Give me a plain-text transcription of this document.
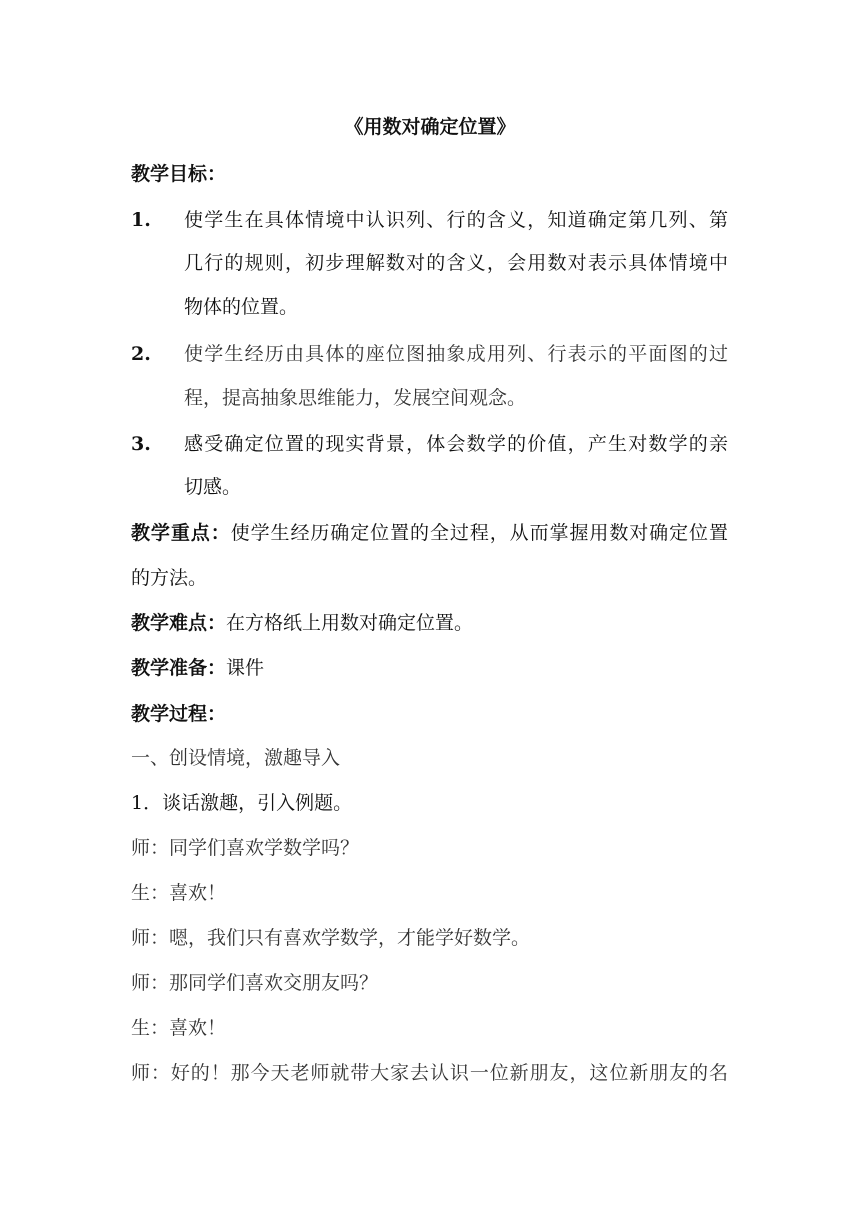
《用数对确定位置》
教学目标：
1. 使学生在具体情境中认识列、行的含义，知道确定第几列、第
几行的规则，初步理解数对的含义，会用数对表示具体情境中
物体的位置。
2. 使学生经历由具体的座位图抽象成用列、行表示的平面图的过
程，提高抽象思维能力，发展空间观念。
3. 感受确定位置的现实背景，体会数学的价值，产生对数学的亲
切感。
教学重点：使学生经历确定位置的全过程，从而掌握用数对确定位置
的方法。
教学难点：在方格纸上用数对确定位置。
教学准备：课件
教学过程：
一、创设情境，激趣导入
1．谈话激趣，引入例题。
师：同学们喜欢学数学吗？
生：喜欢！
师：嗯，我们只有喜欢学数学，才能学好数学。
师：那同学们喜欢交朋友吗？
生：喜欢！
师：好的！那今天老师就带大家去认识一位新朋友，这位新朋友的名
